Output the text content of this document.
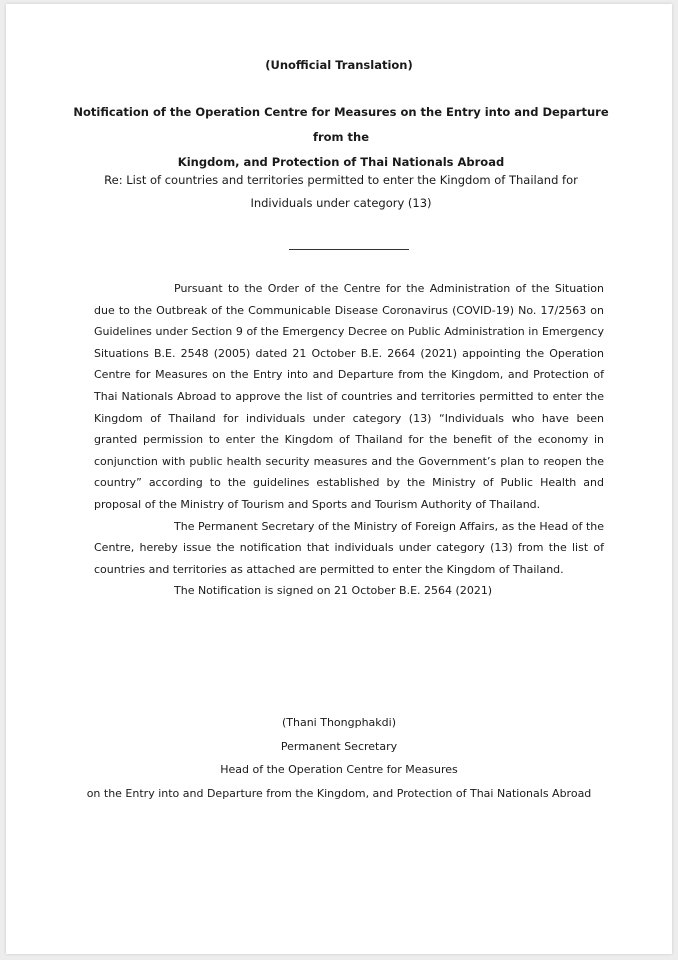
(Unofficial Translation)
Notification of the Operation Centre for Measures on the Entry into and Departure from the
Kingdom, and Protection of Thai Nationals Abroad
Re: List of countries and territories permitted to enter the Kingdom of Thailand for
Individuals under category (13)

Pursuant to the Order of the Centre for the Administration of the Situation due to the Outbreak of the Communicable Disease Coronavirus (COVID-19) No. 17/2563 on Guidelines under Section 9 of the Emergency Decree on Public Administration in Emergency Situations B.E. 2548 (2005) dated 21 October B.E. 2664 (2021) appointing the Operation Centre for Measures on the Entry into and Departure from the Kingdom, and Protection of Thai Nationals Abroad to approve the list of countries and territories permitted to enter the Kingdom of Thailand for individuals under category (13) “Individuals who have been granted permission to enter the Kingdom of Thailand for the benefit of the economy in conjunction with public health security measures and the Government’s plan to reopen the country” according to the guidelines established by the Ministry of Public Health and proposal of the Ministry of Tourism and Sports and Tourism Authority of Thailand.

The Permanent Secretary of the Ministry of Foreign Affairs, as the Head of the Centre, hereby issue the notification that individuals under category (13) from the list of countries and territories as attached are permitted to enter the Kingdom of Thailand.

The Notification is signed on 21 October B.E. 2564 (2021)

(Thani Thongphakdi)
Permanent Secretary
Head of the Operation Centre for Measures
on the Entry into and Departure from the Kingdom, and Protection of Thai Nationals Abroad
